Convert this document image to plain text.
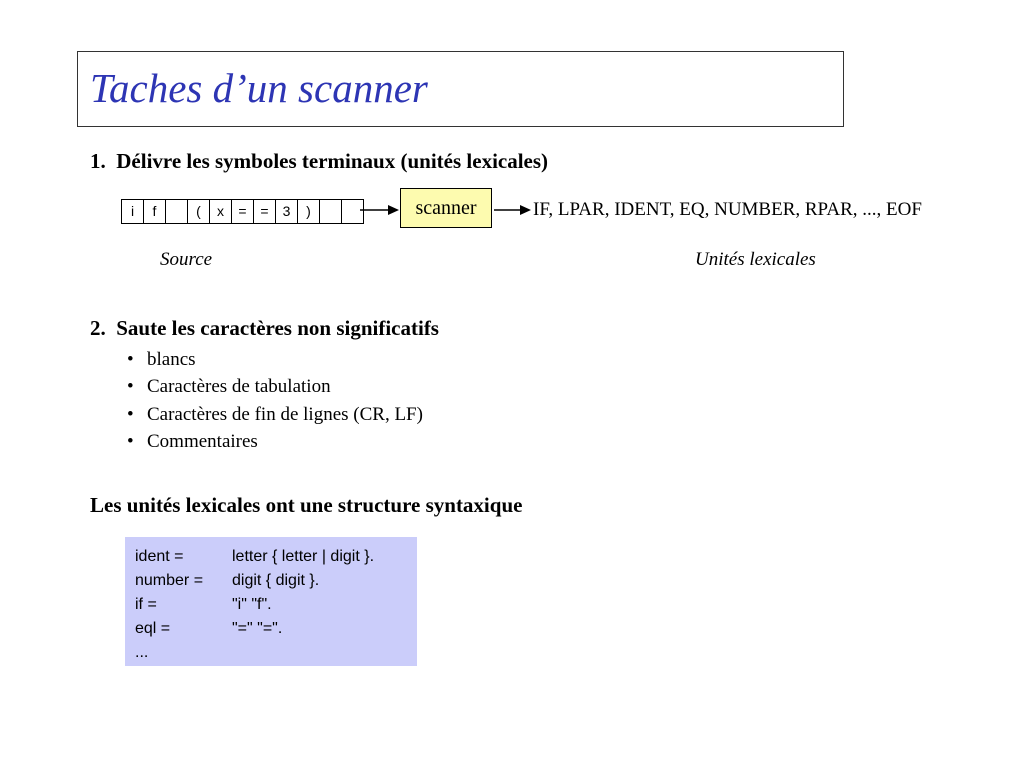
Taches d’un scanner
1.  Délivre les symboles terminaux (unités lexicales)
i	f	(	x	= =	3	)	scanner	IF, LPAR, IDENT, EQ, NUMBER, RPAR, ..., EOF
Source	Unités lexicales
2.  Saute les caractères non significatifs
• blancs
• Caractères de tabulation
• Caractères de fin de lignes (CR, LF)
• Commentaires
Les unités lexicales ont une structure syntaxique
ident =	letter { letter | digit }.
number =	digit { digit }.
if =	"i" "f".
eql =	"=" "=".
...
